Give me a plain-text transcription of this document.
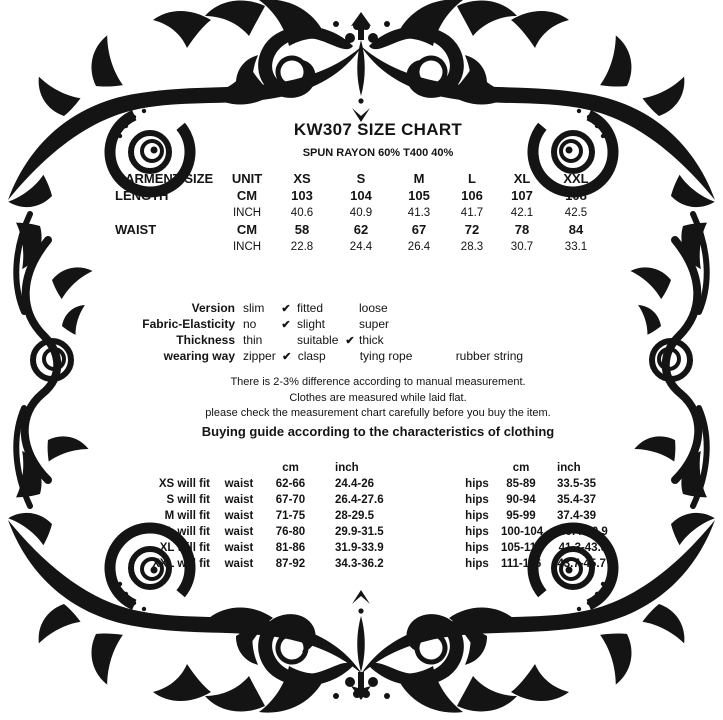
KW307 SIZE CHART
SPUN RAYON 60% T400 40%
GARMENT SIZE	UNIT	XS	S	M	L	XL	XXL
LENGTH	CM	103	104	105	106	107	108
INCH	40.6	40.9	41.3	41.7	42.1	42.5
WAIST	CM	58	62	67	72	78	84
INCH	22.8	24.4	26.4	28.3	30.7	33.1
Version slim	✔ fitted	loose
Fabric-Elasticity no	✔ slight	super
Thickness thin	suitable ✔ thick
wearing way zipper ✔ clasp	tying rope	rubber string

There is 2-3% difference according to manual measurement.

Clothes are measured while laid flat.

please check the measurement chart carefully before you buy the item.

Buying guide according to the characteristics of clothing
cm	inch	cm	inch
XS will fit	waist	62-66	24.4-26	hips	85-89	33.5-35
S will fit	waist	67-70	26.4-27.6	hips	90-94	35.4-37
M will fit	waist	71-75	28-29.5	hips	95-99	37.4-39
L will fit	waist	76-80	29.9-31.5	hips	100-104	39.4-40.9
XL will fit	waist	81-86	31.9-33.9	hips	105-110	41.3-43.3
XXL will fit	waist	87-92	34.3-36.2	hips	111-116	43.7-45.7
